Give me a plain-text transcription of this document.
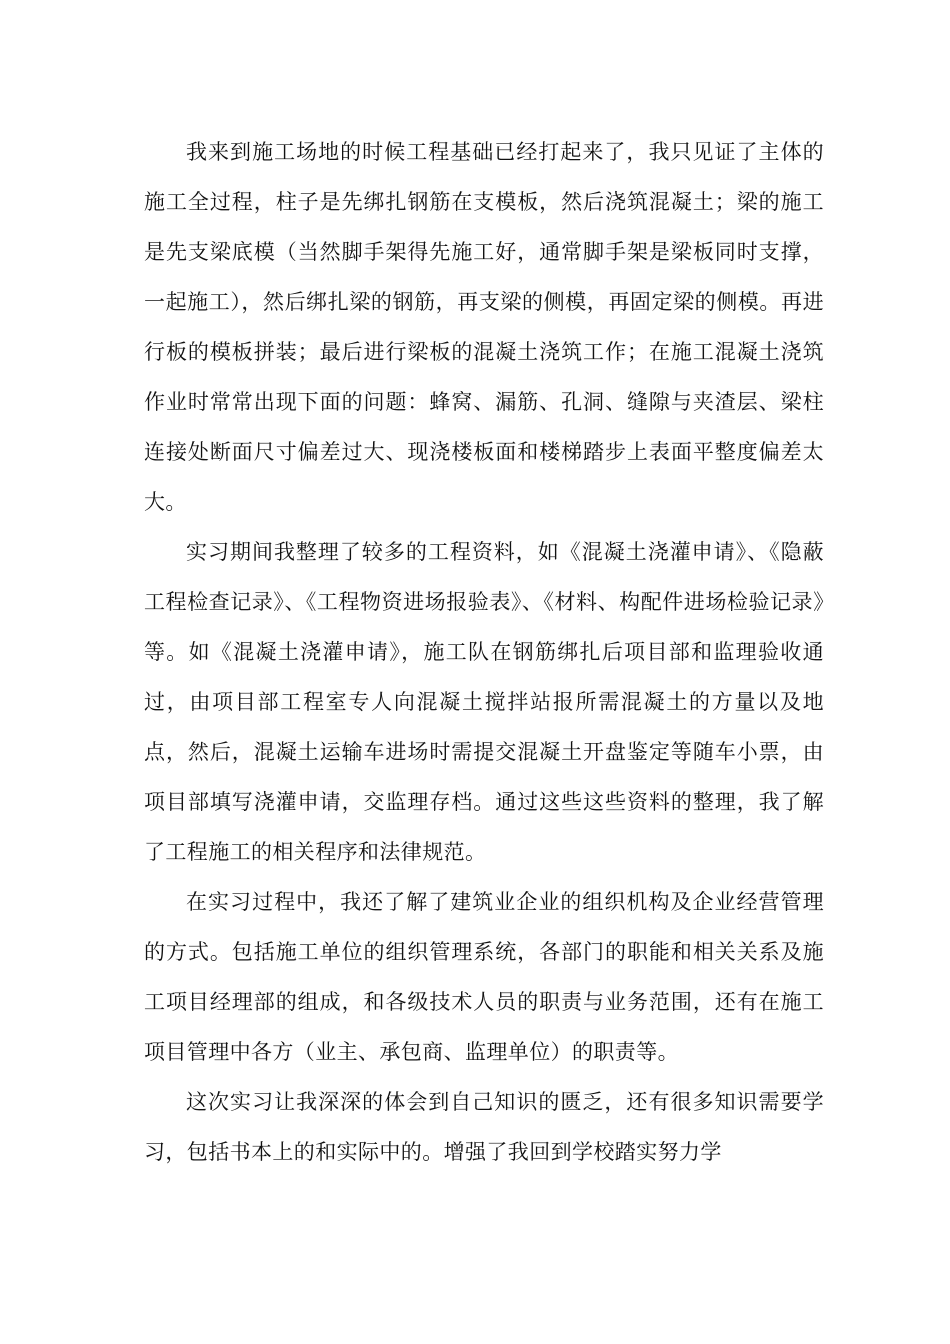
我来到施工场地的时候工程基础已经打起来了，我只见证了主体的施工全过程，柱子是先绑扎钢筋在支模板，然后浇筑混凝土；梁的施工是先支梁底模（当然脚手架得先施工好，通常脚手架是梁板同时支撑，一起施工），然后绑扎梁的钢筋，再支梁的侧模，再固定梁的侧模。再进行板的模板拼装；最后进行梁板的混凝土浇筑工作；在施工混凝土浇筑作业时常常出现下面的问题：蜂窝、漏筋、孔洞、缝隙与夹渣层、梁柱连接处断面尺寸偏差过大、现浇楼板面和楼梯踏步上表面平整度偏差太大。

实习期间我整理了较多的工程资料，如《混凝土浇灌申请》、《隐蔽工程检查记录》、《工程物资进场报验表》、《材料、构配件进场检验记录》等。如《混凝土浇灌申请》，施工队在钢筋绑扎后项目部和监理验收通过，由项目部工程室专人向混凝土搅拌站报所需混凝土的方量以及地点，然后，混凝土运输车进场时需提交混凝土开盘鉴定等随车小票，由项目部填写浇灌申请，交监理存档。通过这些这些资料的整理，我了解了工程施工的相关程序和法律规范。

在实习过程中，我还了解了建筑业企业的组织机构及企业经营管理的方式。包括施工单位的组织管理系统，各部门的职能和相关关系及施工项目经理部的组成，和各级技术人员的职责与业务范围，还有在施工项目管理中各方（业主、承包商、监理单位）的职责等。

这次实习让我深深的体会到自己知识的匮乏，还有很多知识需要学习，包括书本上的和实际中的。增强了我回到学校踏实努力学
